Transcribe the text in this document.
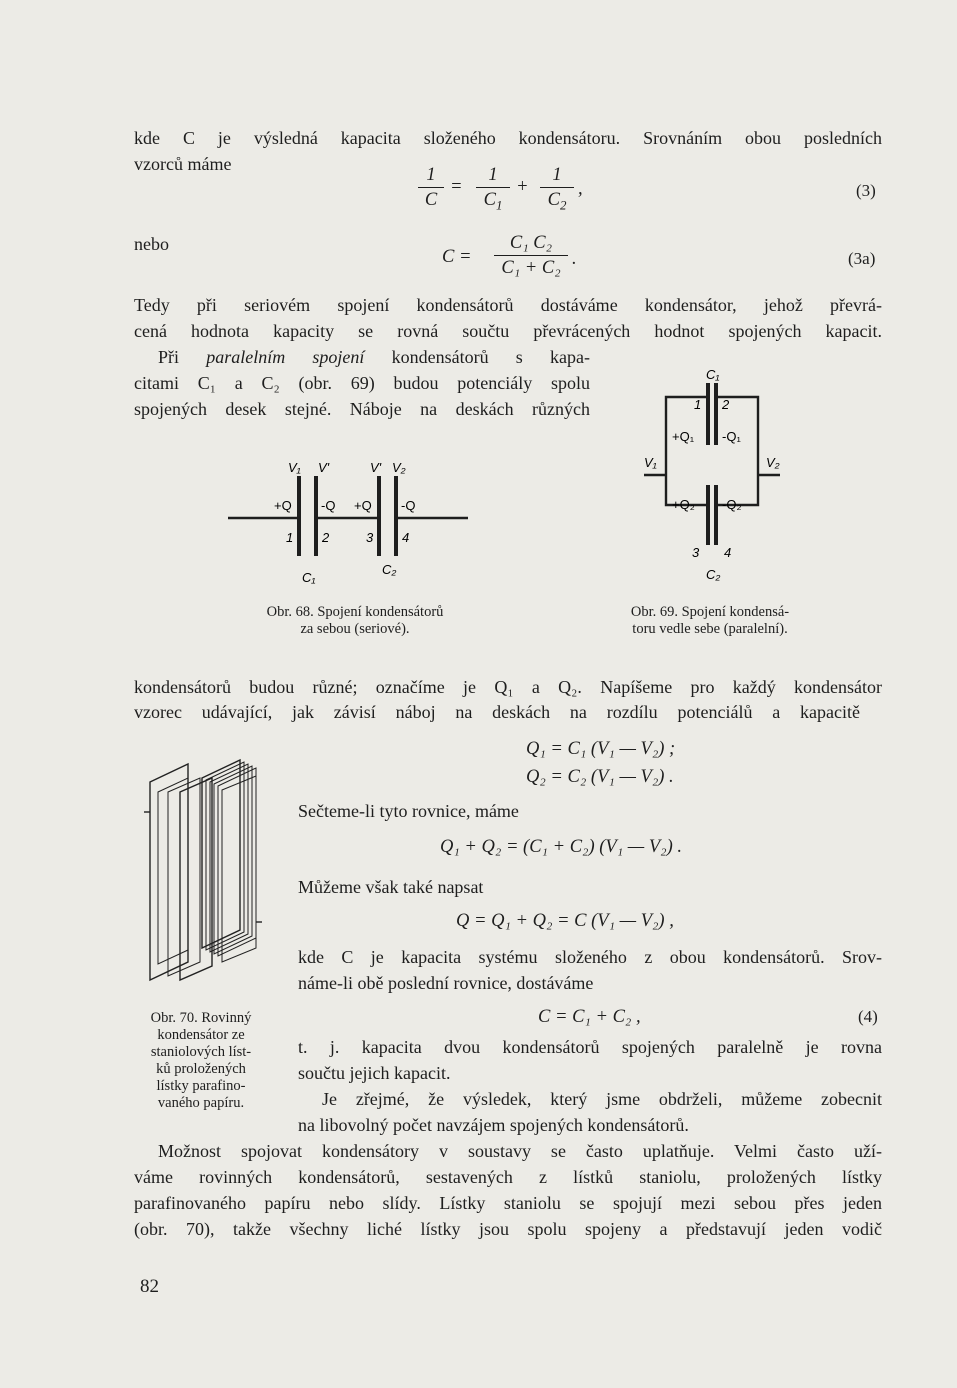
kde C je výsledná kapacita složeného kondensátoru. Srovnáním obou posledních
vzorců máme
1
C
=
1
$C_1$
+
1
$C_2$
,	(3)
nebo
C =
C₁ C₂
C₁ + C₂ .	(3a)
Tedy při seriovém spojení kondensátorů dostáváme kondensátor, jehož převrá-
cená hodnota kapacity se rovná součtu převrácených hodnot spojených kapacit.
Při paralelním spojení kondensátorů s kapa-
citami C₁ a C₂ (obr. 69) budou potenciály spolu
spojených desek stejné. Náboje na deskách různých
V₁ V'	V' V₂
+Q -Q +Q -Q
1 2	3 4
C₁
C₂
Obr. 68. Spojení kondensátorů
za sebou (seriové).
C₁
1 2
+Q₁ -Q₁
V₁	V₂
+Q₂ -Q₂
3 4
C₂
Obr. 69. Spojení kondensá-
toru vedle sebe (paralelní).
kondensátorů budou různé; označíme je Q₁ a Q₂. Napíšeme pro každý kondensátor
vzorec udávající, jak závisí náboj na deskách na rozdílu potenciálů a kapacitě
Q₁ = C₁ (V₁ — V₂) ;
Q₂ = C₂ (V₁ — V₂) .
Sečteme-li tyto rovnice, máme
Q₁ + Q₂ = (C₁ + C₂) (V₁ — V₂) .
Můžeme však také napsat
Q = Q₁ + Q₂ = C (V₁ — V₂) ,
kde C je kapacita systému složeného z obou kondensátorů. Srov-
náme-li obě poslední rovnice, dostáváme
C = C₁ + C₂ ,	(4)
Obr. 70. Rovinný
kondensátor ze
staniolových líst-
ků proložených
lístky parafino-
vaného papíru.
t. j. kapacita dvou kondensátorů spojených paralelně je rovna
součtu jejich kapacit.
Je zřejmé, že výsledek, který jsme obdrželi, můžeme zobecnit
na libovolný počet navzájem spojených kondensátorů.
Možnost spojovat kondensátory v soustavy se často uplatňuje. Velmi často uží-
váme rovinných kondensátorů, sestavených z lístků staniolu, proložených lístky
parafinovaného papíru nebo slídy. Lístky staniolu se spojují mezi sebou přes jeden
(obr. 70), takže všechny liché lístky jsou spolu spojeny a představují jeden vodič
82
